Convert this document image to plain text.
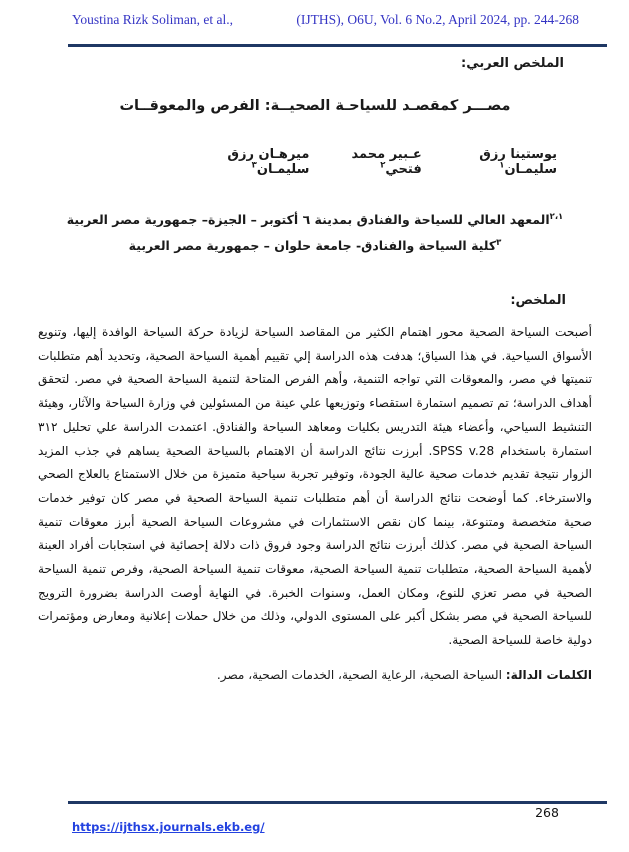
Youstina Rizk Soliman, et al.,	(IJTHS), O6U, Vol. 6 No.2, April 2024, pp. 244-268
الملخص العربي:
مصـــر كمقصـد للسياحـة الصحيــة: الفرص والمعوقــات
يوستينا رزق سليمـان$^١$
عـبير محمد فتحي$^٢$
ميرهـان رزق سليمـان$^٣$
$^{٢،١}$المعهد العالي للسياحة والفنادق بمدينة ٦ أكتوبر – الجيزة– جمهورية مصر العربية
$^٣$كلية السياحة والفنادق- جامعة حلوان – جمهورية مصر العربية
الملخص:
أصبحت السياحة الصحية محور اهتمام الكثير من المقاصد السياحة لزيادة حركة السياحة الوافدة إليها، وتنويع الأسواق السياحية. في هذا السياق؛ هدفت هذه الدراسة إلي تقييم أهمية السياحة الصحية، وتحديد أهم متطلبات تنميتها في مصر، والمعوقات التي تواجه التنمية، وأهم الفرص المتاحة لتنمية السياحة الصحية في مصر. لتحقق أهداف الدراسة؛ تم تصميم استمارة استقصاء وتوزيعها علي عينة من المسئولين في وزارة السياحة والآثار، وهيئة التنشيط السياحي، وأعضاء هيئة التدريس بكليات ومعاهد السياحة والفنادق. اعتمدت الدراسة علي تحليل ٣١٢ استمارة باستخدام SPSS v.28. أبرزت نتائج الدراسة أن الاهتمام بالسياحة الصحية يساهم في جذب المزيد الزوار نتيجة تقديم خدمات صحية عالية الجودة، وتوفير تجربة سياحية متميزة من خلال الاستمتاع بالعلاج الصحي والاسترخاء. كما أوضحت نتائج الدراسة أن أهم متطلبات تنمية السياحة الصحية في مصر كان توفير خدمات صحية متخصصة ومتنوعة، بينما كان نقص الاستثمارات في مشروعات السياحة الصحية أبرز معوقات تنمية السياحة الصحية في مصر. كذلك أبرزت نتائج الدراسة وجود فروق ذات دلالة إحصائية في استجابات أفراد العينة لأهمية السياحة الصحية، متطلبات تنمية السياحة الصحية، معوقات تنمية السياحة الصحية، وفرص تنمية السياحة الصحية في مصر تعزي للنوع، ومكان العمل، وسنوات الخبرة. في النهاية أوصت الدراسة بضرورة الترويج للسياحة الصحية في مصر بشكل أكبر على المستوى الدولي، وذلك من خلال حملات إعلانية ومعارض ومؤتمرات دولية خاصة للسياحة الصحية.
الكلمات الدالة: السياحة الصحية، الرعاية الصحية، الخدمات الصحية، مصر.
268
https://ijthsx.journals.ekb.eg/
